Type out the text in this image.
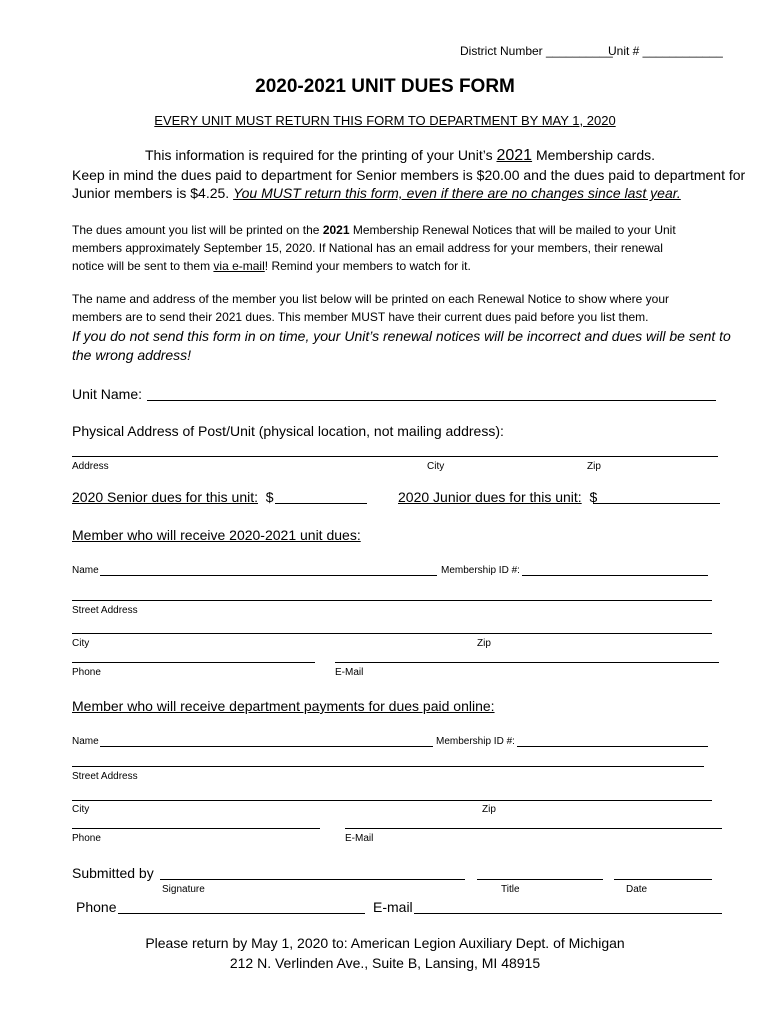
District Number __________
Unit # ____________
2020-2021 UNIT DUES FORM
EVERY UNIT MUST RETURN THIS FORM TO DEPARTMENT BY MAY 1, 2020
This information is required for the printing of your Unit’s 2021 Membership cards.
Keep in mind the dues paid to department for Senior members is $20.00 and the dues paid to department for
Junior members is $4.25. You MUST return this form, even if there are no changes since last year.
The dues amount you list will be printed on the 2021 Membership Renewal Notices that will be mailed to your Unit
members approximately September 15, 2020. If National has an email address for your members, their renewal
notice will be sent to them via e-mail! Remind your members to watch for it.
The name and address of the member you list below will be printed on each Renewal Notice to show where your
members are to send their 2021 dues. This member MUST have their current dues paid before you list them.
If you do not send this form in on time, your Unit’s renewal notices will be incorrect and dues will be sent to
the wrong address!
Unit Name:
Physical Address of Post/Unit (physical location, not mailing address):
Address	City	Zip
2020 Senior dues for this unit: $	2020 Junior dues for this unit: $
Member who will receive 2020-2021 unit dues:
Name	Membership ID #:
Street Address
City	Zip
Phone	E-Mail
Member who will receive department payments for dues paid online:
Name	Membership ID #:
Street Address
City	Zip
Phone	E-Mail
Submitted by
Signature	Title	Date
Phone	E-mail
Please return by May 1, 2020 to: American Legion Auxiliary Dept. of Michigan
212 N. Verlinden Ave., Suite B, Lansing, MI 48915
